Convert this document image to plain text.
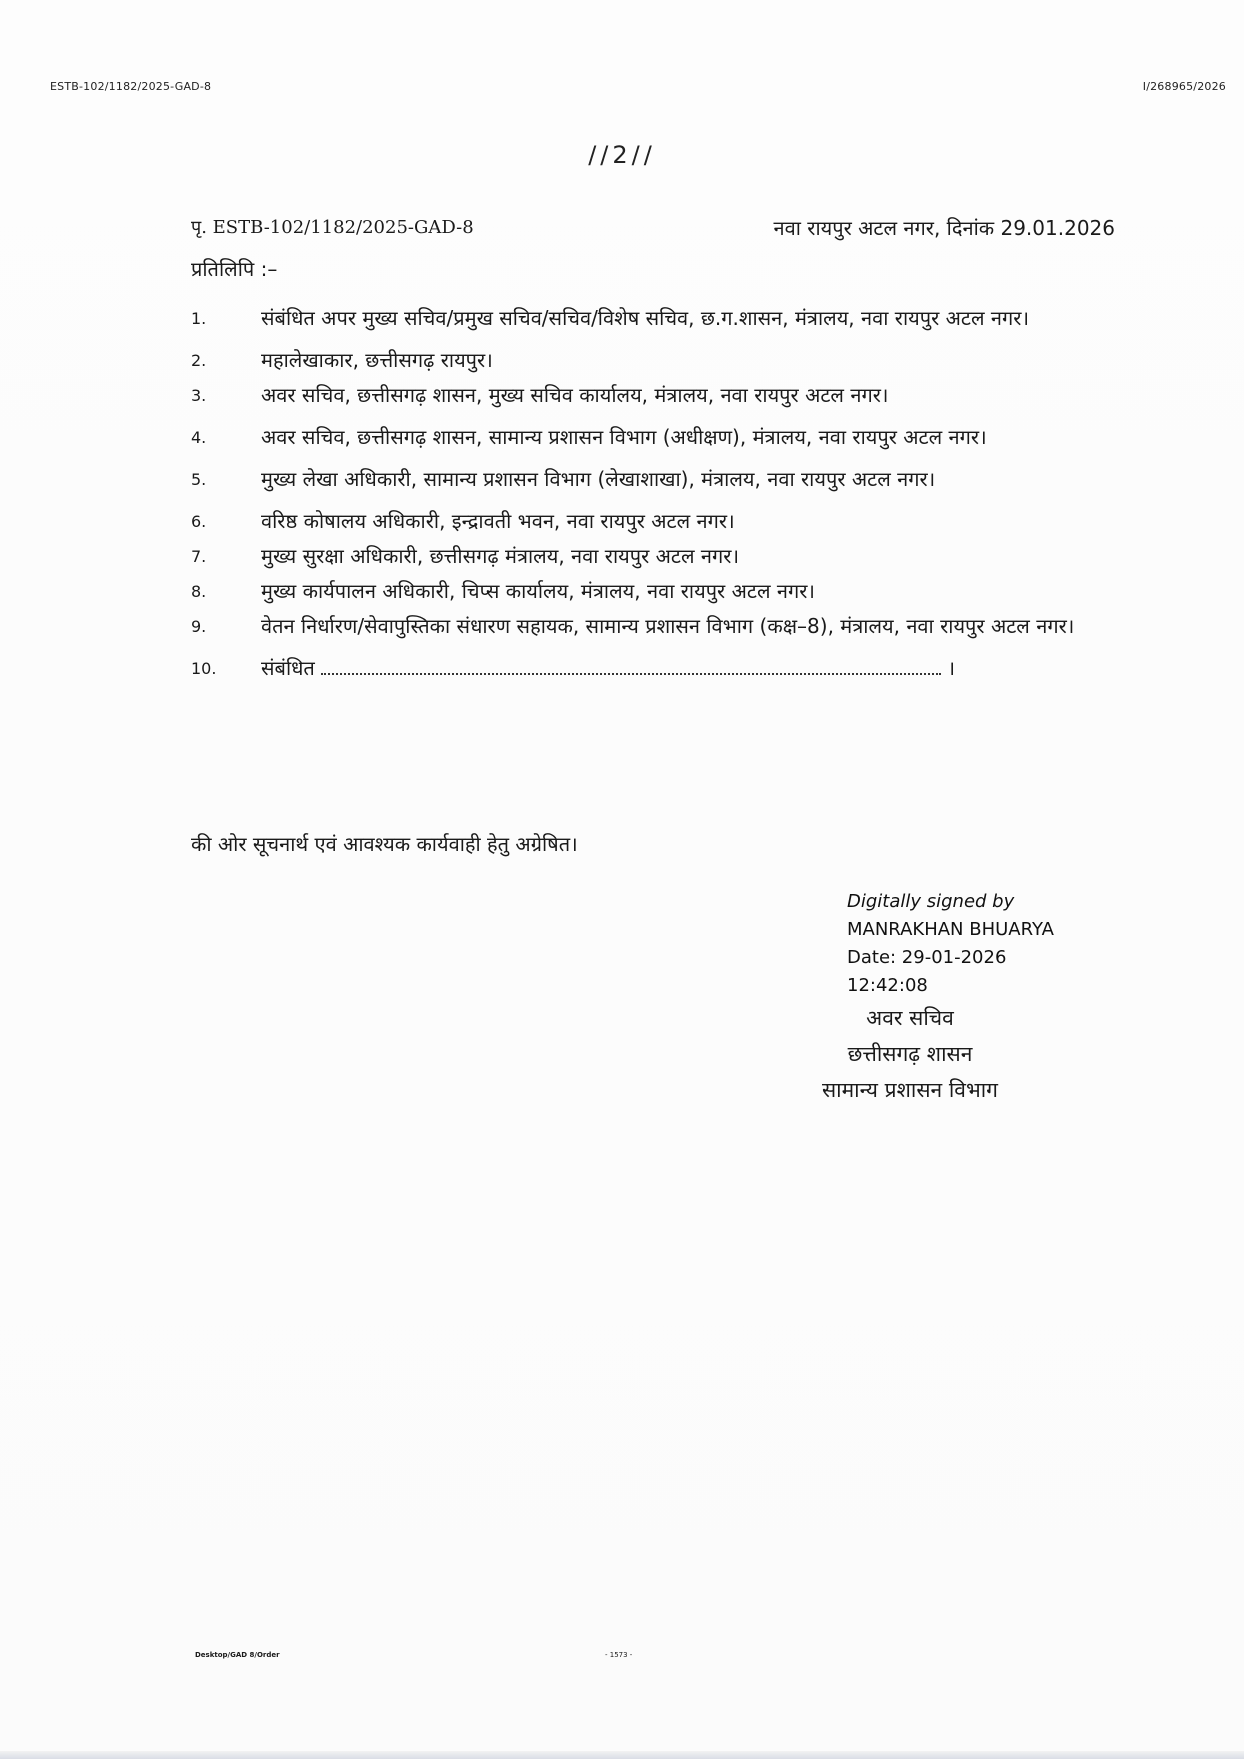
ESTB-102/1182/2025-GAD-8	I/268965/2026
//2//
पृ. ESTB-102/1182/2025-GAD-8	नवा रायपुर अटल नगर, दिनांक 29.01.2026
प्रतिलिपि :–
1.	संबंधित अपर मुख्य सचिव/प्रमुख सचिव/सचिव/विशेष सचिव, छ.ग.शासन, मंत्रालय, नवा रायपुर अटल नगर।
2.	महालेखाकार, छत्तीसगढ़ रायपुर।
3.	अवर सचिव, छत्तीसगढ़ शासन, मुख्य सचिव कार्यालय, मंत्रालय, नवा रायपुर अटल नगर।
4.	अवर सचिव, छत्तीसगढ़ शासन, सामान्य प्रशासन विभाग (अधीक्षण), मंत्रालय, नवा रायपुर अटल नगर।
5.	मुख्य लेखा अधिकारी, सामान्य प्रशासन विभाग (लेखाशाखा), मंत्रालय, नवा रायपुर अटल नगर।
6.	वरिष्ठ कोषालय अधिकारी, इन्द्रावती भवन, नवा रायपुर अटल नगर।
7.	मुख्य सुरक्षा अधिकारी, छत्तीसगढ़ मंत्रालय, नवा रायपुर अटल नगर।
8.	मुख्य कार्यपालन अधिकारी, चिप्स कार्यालय, मंत्रालय, नवा रायपुर अटल नगर।
9.	वेतन निर्धारण/सेवापुस्तिका संधारण सहायक, सामान्य प्रशासन विभाग (कक्ष–8), मंत्रालय, नवा रायपुर अटल नगर।
10. संबंधित	।
की ओर सूचनार्थ एवं आवश्यक कार्यवाही हेतु अग्रेषित।
Digitally signed by
MANRAKHAN BHUARYA
Date: 29-01-2026
12:42:08
अवर सचिव
छत्तीसगढ़ शासन
सामान्य प्रशासन विभाग
Desktop/GAD 8/Order	- 1573 -
